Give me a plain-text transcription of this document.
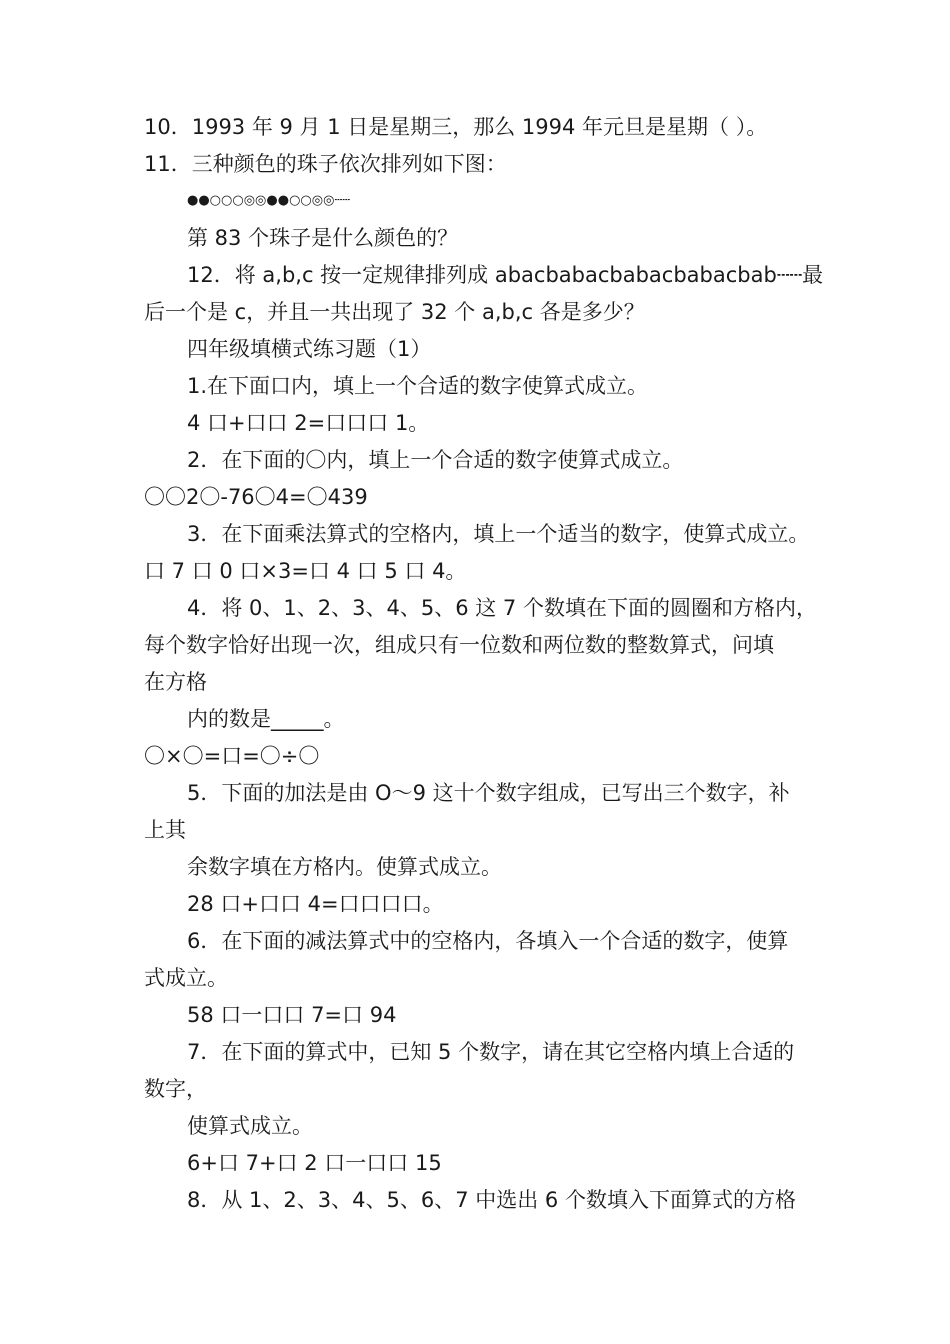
10．1993 年 9 月 1 日是星期三，那么 1994 年元旦是星期（ ）。
11．三种颜色的珠子依次排列如下图：
●●○○○◎◎●●○○◎◎┄┄
第 83 个珠子是什么颜色的？
12．将 a,b,c 按一定规律排列成 abacbabacbabacbabacbab┄┄最
后一个是 c，并且一共出现了 32 个 a,b,c 各是多少？
四年级填横式练习题（1）
1.在下面口内，填上一个合适的数字使算式成立。
4 口+口口 2=口口口 1。
2．在下面的〇内，填上一个合适的数字使算式成立。
〇〇2〇-76〇4=〇439
3．在下面乘法算式的空格内，填上一个适当的数字，使算式成立。
口 7 口 0 口×3=口 4 口 5 口 4。
4．将 0、1、2、3、4、5、6 这 7 个数填在下面的圆圈和方格内，
每个数字恰好出现一次，组成只有一位数和两位数的整数算式，问填
在方格
内的数是_____。
〇×〇=口=〇÷〇
5．下面的加法是由 O～9 这十个数字组成，已写出三个数字，补
上其
余数字填在方格内。使算式成立。
28 口+口口 4=口口口口。
6．在下面的减法算式中的空格内，各填入一个合适的数字，使算
式成立。
58 口一口口 7=口 94
7．在下面的算式中，已知 5 个数字，请在其它空格内填上合适的
数字，
使算式成立。
6+口 7+口 2 口一口口 15
8．从 1、2、3、4、5、6、7 中选出 6 个数填入下面算式的方格
